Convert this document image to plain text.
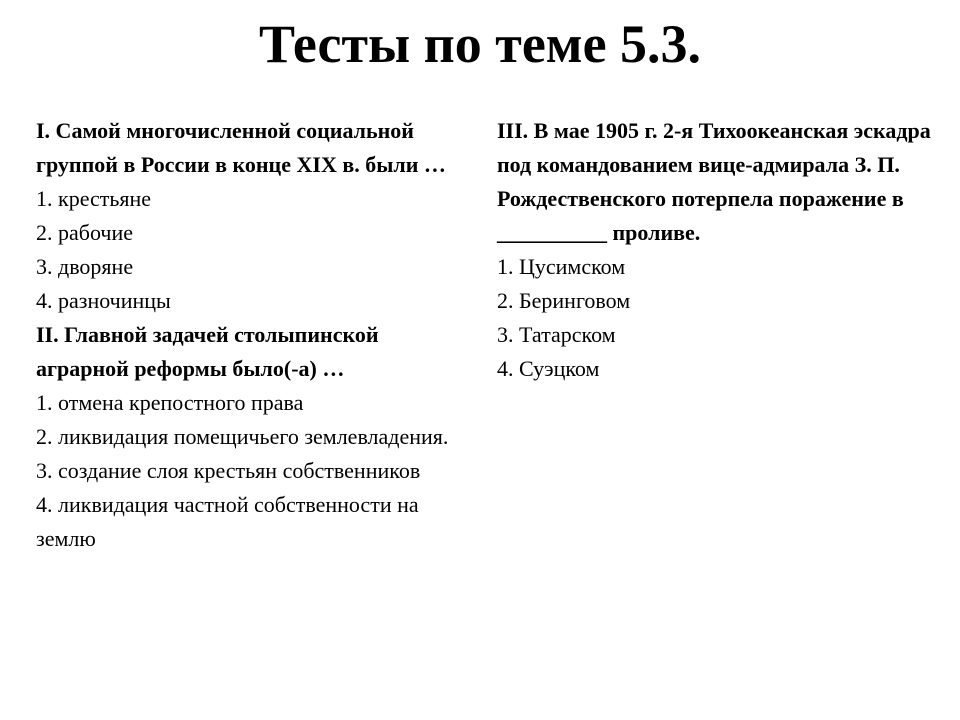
Тесты по теме 5.3.

I. Самой многочисленной социальной группой в России в конце XIX в. были …

1. крестьяне
2. рабочие
3. дворяне
4. разночинцы

II. Главной задачей столыпинской аграрной реформы было(-а) …

1. отмена крепостного права
2. ликвидация помещичьего землевладения.
3. создание слоя крестьян собственников
4. ликвидация частной собственности на землю

III. В мае 1905 г. 2-я Тихоокеанская эскадра под командованием вице-адмирала З. П. Рождественского потерпела поражение в __________ проливе.

1. Цусимском
2. Беринговом
3. Татарском
4. Суэцком
